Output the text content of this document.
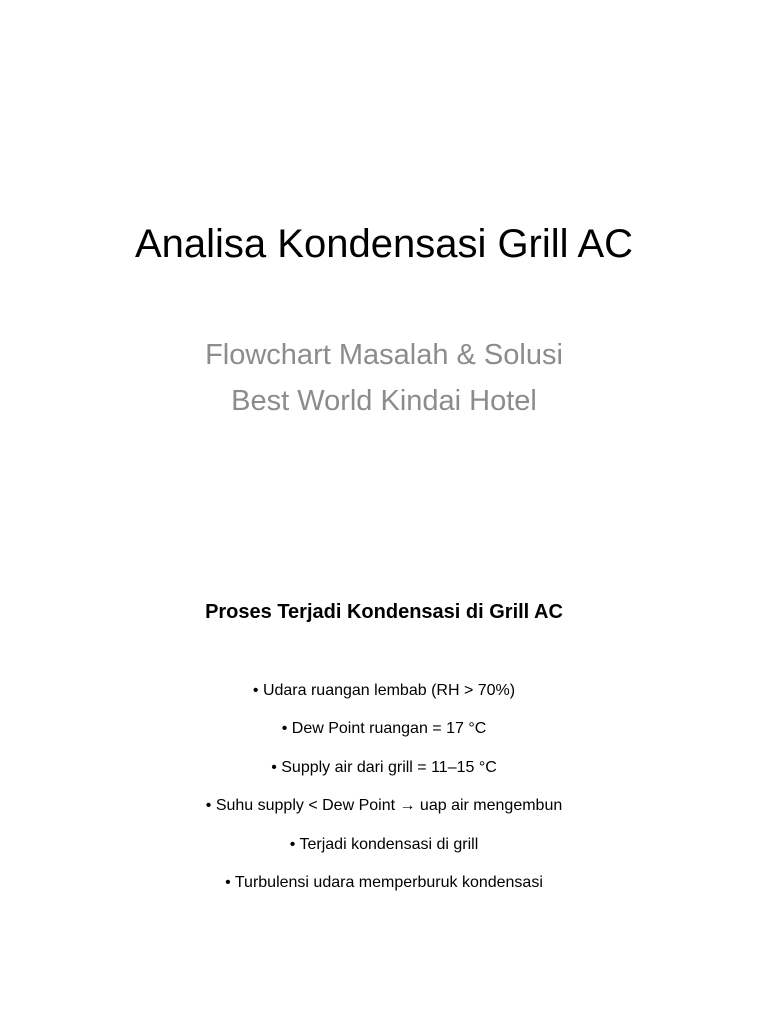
Analisa Kondensasi Grill AC
Flowchart Masalah & Solusi
Best World Kindai Hotel
Proses Terjadi Kondensasi di Grill AC
• Udara ruangan lembab (RH > 70%)
• Dew Point ruangan = 17 °C
• Supply air dari grill = 11–15 °C
• Suhu supply < Dew Point → uap air mengembun
• Terjadi kondensasi di grill
• Turbulensi udara memperburuk kondensasi
